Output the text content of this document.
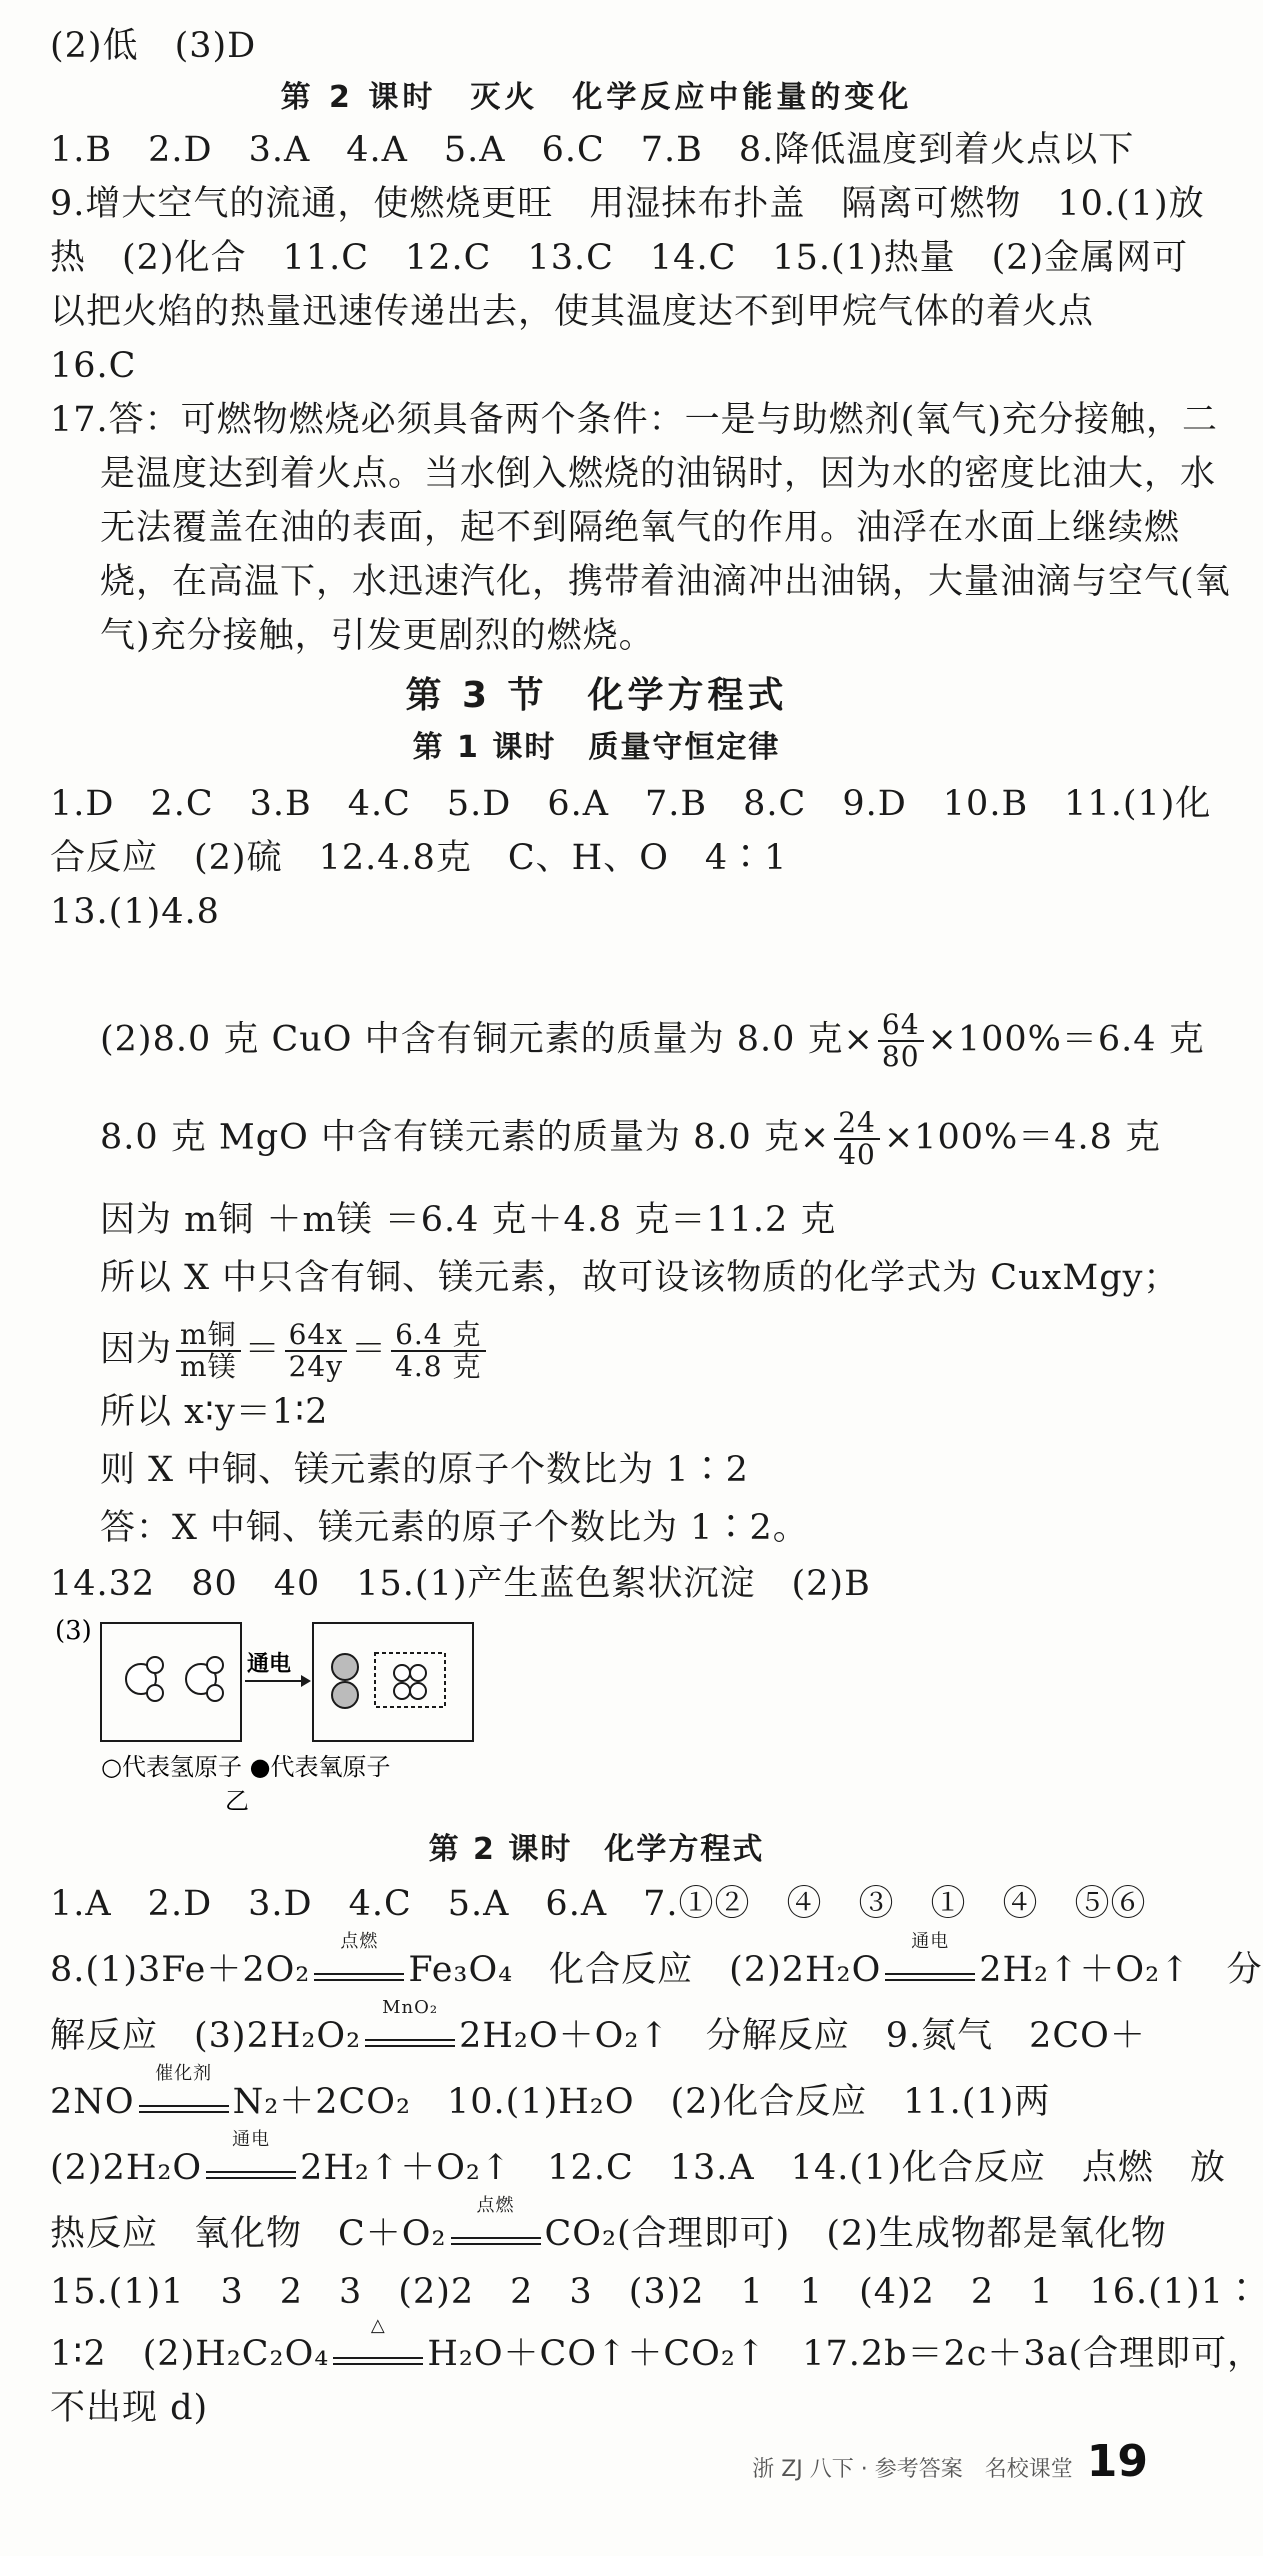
(2)低　(3)D
第 2 课时　灭火　化学反应中能量的变化
1.B　2.D　3.A　4.A　5.A　6.C　7.B　8.降低温度到着火点以下
9.增大空气的流通，使燃烧更旺　用湿抹布扑盖　隔离可燃物　10.(1)放
热　(2)化合　11.C　12.C　13.C　14.C　15.(1)热量　(2)金属网可
以把火焰的热量迅速传递出去，使其温度达不到甲烷气体的着火点
16.C
17.答：可燃物燃烧必须具备两个条件：一是与助燃剂(氧气)充分接触，二
是温度达到着火点。当水倒入燃烧的油锅时，因为水的密度比油大，水
无法覆盖在油的表面，起不到隔绝氧气的作用。油浮在水面上继续燃
烧，在高温下，水迅速汽化，携带着油滴冲出油锅，大量油滴与空气(氧
气)充分接触，引发更剧烈的燃烧。
第 3 节　化学方程式
第 1 课时　质量守恒定律
1.D　2.C　3.B　4.C　5.D　6.A　7.B　8.C　9.D　10.B　11.(1)化
合反应　(2)硫　12.4.8克　C、H、O　4∶1
13.(1)4.8
(2)8.0 克 CuO 中含有铜元素的质量为 8.0 克× $\frac{64}{80} \times 100\%=6.4$ 克
8.0 克 MgO 中含有镁元素的质量为 8.0 克× $\frac{24}{40} \times 100\%=4.8$ 克
因为 m铜 ＋m镁 ＝6.4 克＋4.8 克＝11.2 克
所以 X 中只含有铜、镁元素，故可设该物质的化学式为 CuxMgy；
因为 $\frac{\text{m铜}}{\text{m镁}} = \frac{64x}{24y} = \frac{\text{6.4 克}}{\text{4.8 克}}$
所以 x∶y＝1∶2
则 X 中铜、镁元素的原子个数比为 1∶2
答：X 中铜、镁元素的原子个数比为 1∶2。
14.32　80　40　15.(1)产生蓝色絮状沉淀　(2)B
(3)
通电
○代表氢原子 ●代表氧原子
乙
第 2 课时　化学方程式
1.A　2.D　3.D　4.C　5.A　6.A　7.①②　④　③　①　④　⑤⑥
8.(1)3Fe＋2O₂
点燃
Fe₃O₄　化合反应　(2)2H₂O
通电
2H₂↑＋O₂↑　分
解反应　(3)2H₂O₂
MnO₂
2H₂O＋O₂↑　分解反应　9.氮气　2CO＋
2NO
催化剂
N₂＋2CO₂　10.(1)H₂O　(2)化合反应　11.(1)两
(2)2H₂O
通电
2H₂↑＋O₂↑　12.C　13.A　14.(1)化合反应　点燃　放
热反应　氧化物　C＋O₂
点燃
CO₂(合理即可)　(2)生成物都是氧化物
15.(1)1　3　2　3　(2)2　2　3　(3)2　1　1　(4)2　2　1　16.(1)1∶
1∶2　(2)H₂C₂O₄
△
H₂O＋CO↑＋CO₂↑　17.2b＝2c＋3a(合理即可，
不出现 d)
浙 ZJ 八下 · 参考答案　名校课堂 19
